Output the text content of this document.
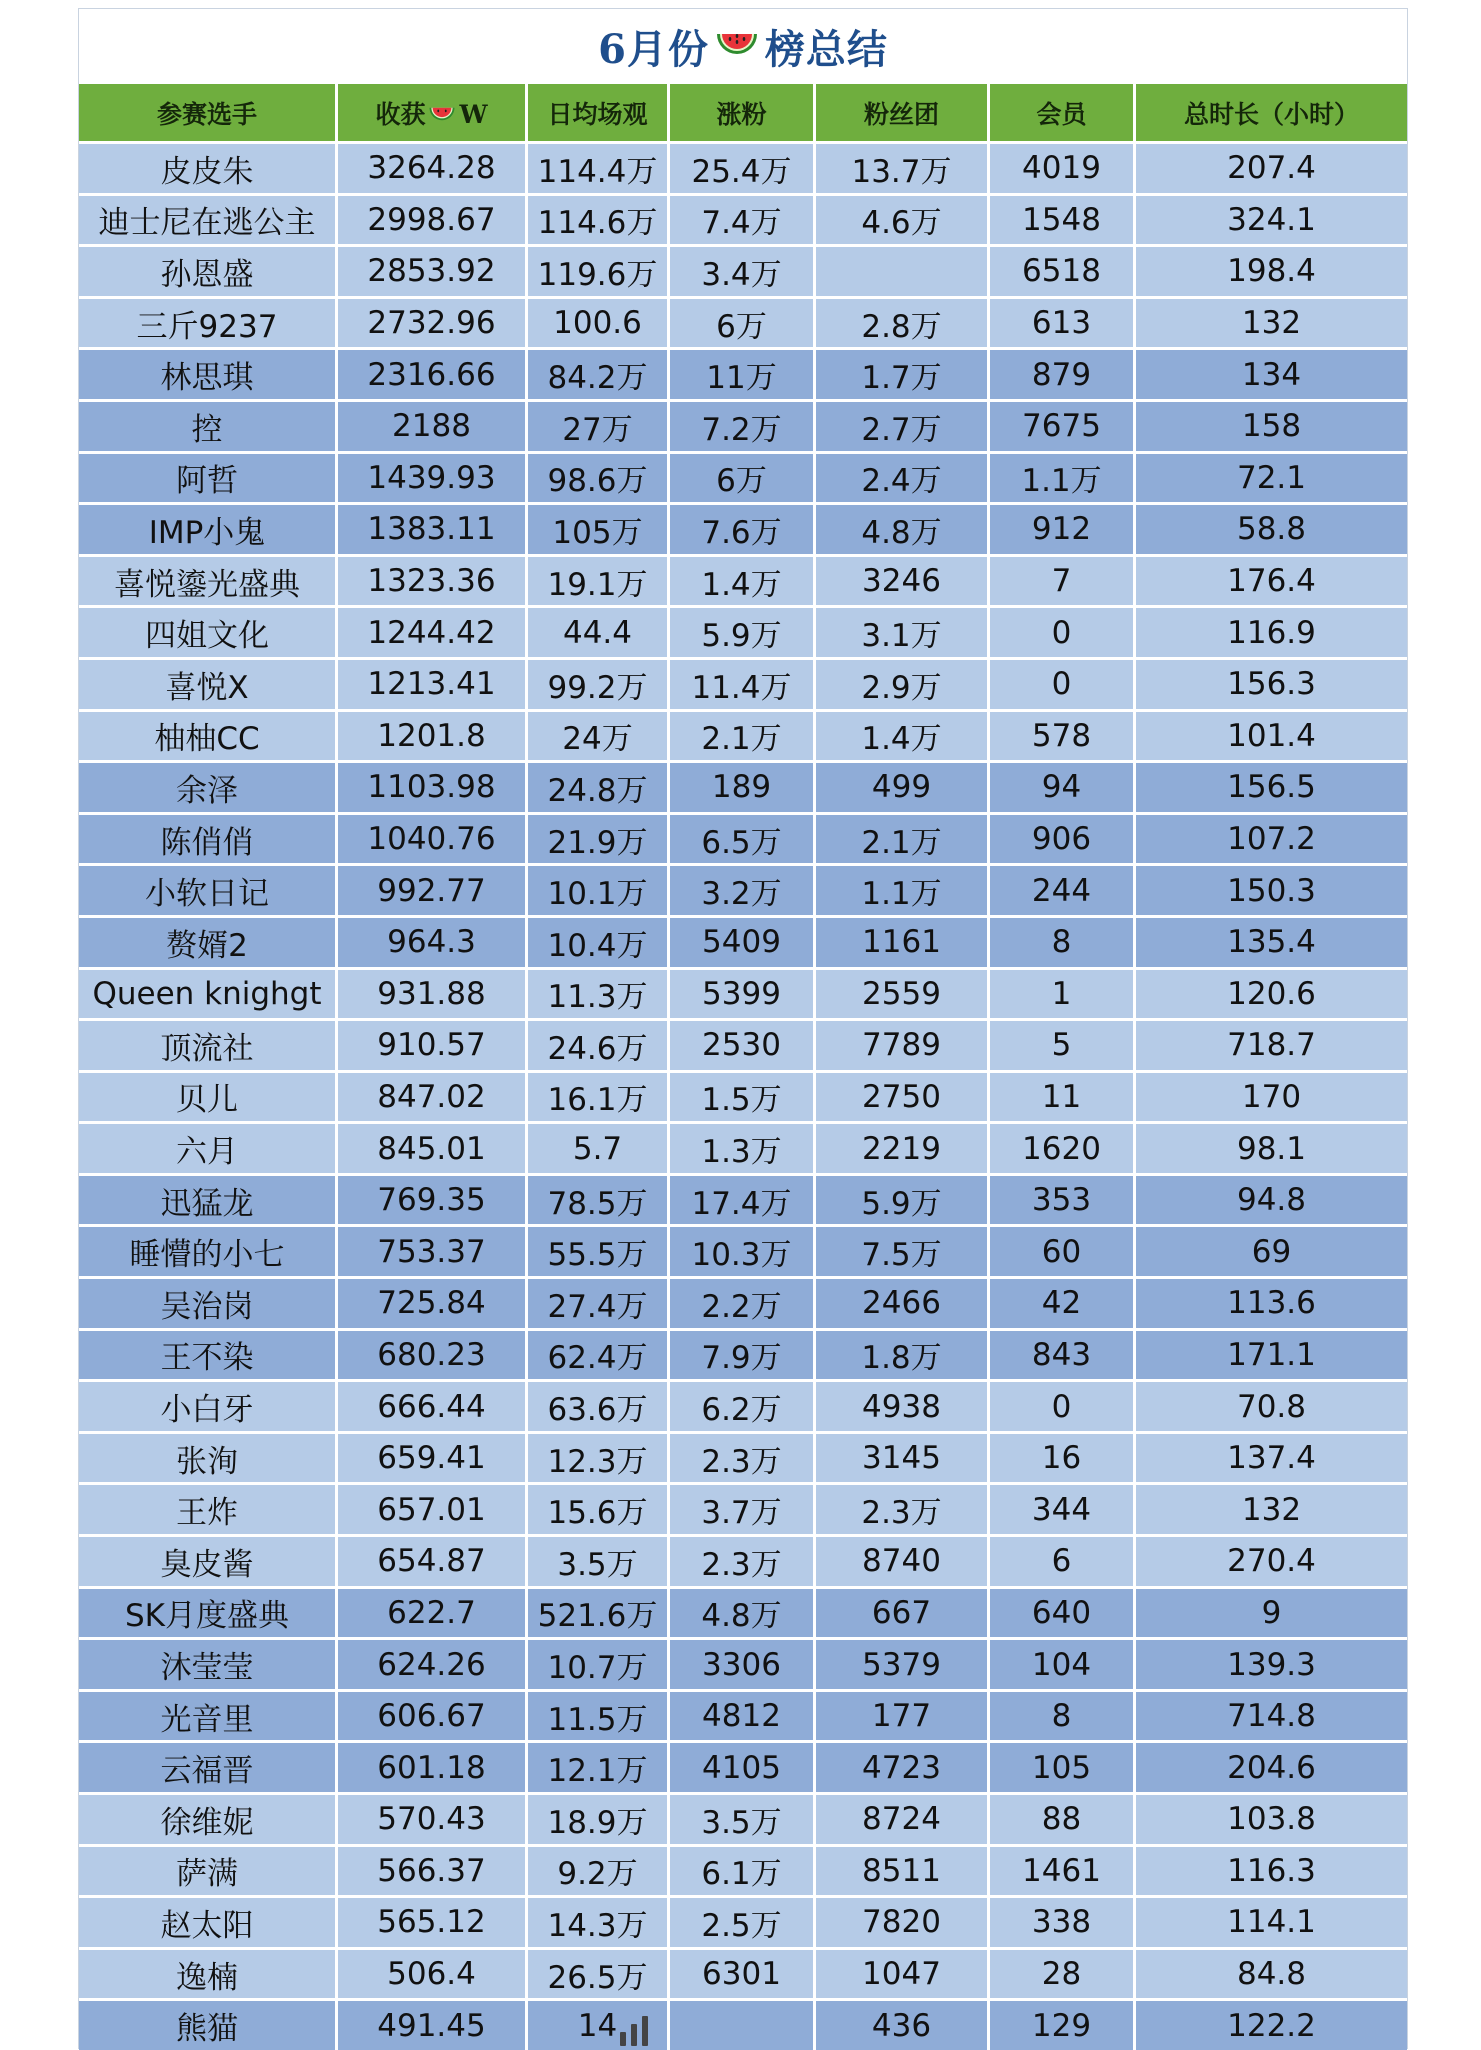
6月份 榜总结
参赛选手	收获 W	日均场观	涨粉	粉丝团	会员	总时长（小时）
皮皮朱	3264.28	114.4万	25.4万	13.7万	4019	207.4
迪士尼在逃公主	2998.67	114.6万	7.4万	4.6万	1548	324.1
孙恩盛	2853.92	119.6万	3.4万		6518	198.4
三斤9237	2732.96	100.6	6万	2.8万	613	132
林思琪	2316.66	84.2万	11万	1.7万	879	134
控	2188	27万	7.2万	2.7万	7675	158
阿哲	1439.93	98.6万	6万	2.4万	1.1万	72.1
IMP小鬼	1383.11	105万	7.6万	4.8万	912	58.8
喜悦鎏光盛典	1323.36	19.1万	1.4万	3246	7	176.4
四姐文化	1244.42	44.4	5.9万	3.1万	0	116.9
喜悦X	1213.41	99.2万	11.4万	2.9万	0	156.3
柚柚CC	1201.8	24万	2.1万	1.4万	578	101.4
余泽	1103.98	24.8万	189	499	94	156.5
陈俏俏	1040.76	21.9万	6.5万	2.1万	906	107.2
小软日记	992.77	10.1万	3.2万	1.1万	244	150.3
赘婿2	964.3	10.4万	5409	1161	8	135.4
Queen knighgt	931.88	11.3万	5399	2559	1	120.6
顶流社	910.57	24.6万	2530	7789	5	718.7
贝儿	847.02	16.1万	1.5万	2750	11	170
六月	845.01	5.7	1.3万	2219	1620	98.1
迅猛龙	769.35	78.5万	17.4万	5.9万	353	94.8
睡懵的小七	753.37	55.5万	10.3万	7.5万	60	69
吴治岗	725.84	27.4万	2.2万	2466	42	113.6
王不染	680.23	62.4万	7.9万	1.8万	843	171.1
小白牙	666.44	63.6万	6.2万	4938	0	70.8
张洵	659.41	12.3万	2.3万	3145	16	137.4
王炸	657.01	15.6万	3.7万	2.3万	344	132
臭皮酱	654.87	3.5万	2.3万	8740	6	270.4
SK月度盛典	622.7	521.6万	4.8万	667	640	9
沐莹莹	624.26	10.7万	3306	5379	104	139.3
光音里	606.67	11.5万	4812	177	8	714.8
云福晋	601.18	12.1万	4105	4723	105	204.6
徐维妮	570.43	18.9万	3.5万	8724	88	103.8
萨满	566.37	9.2万	6.1万	8511	1461	116.3
赵太阳	565.12	14.3万	2.5万	7820	338	114.1
逸楠	506.4	26.5万	6301	1047	28	84.8
熊猫	491.45	14		436	129	122.2
